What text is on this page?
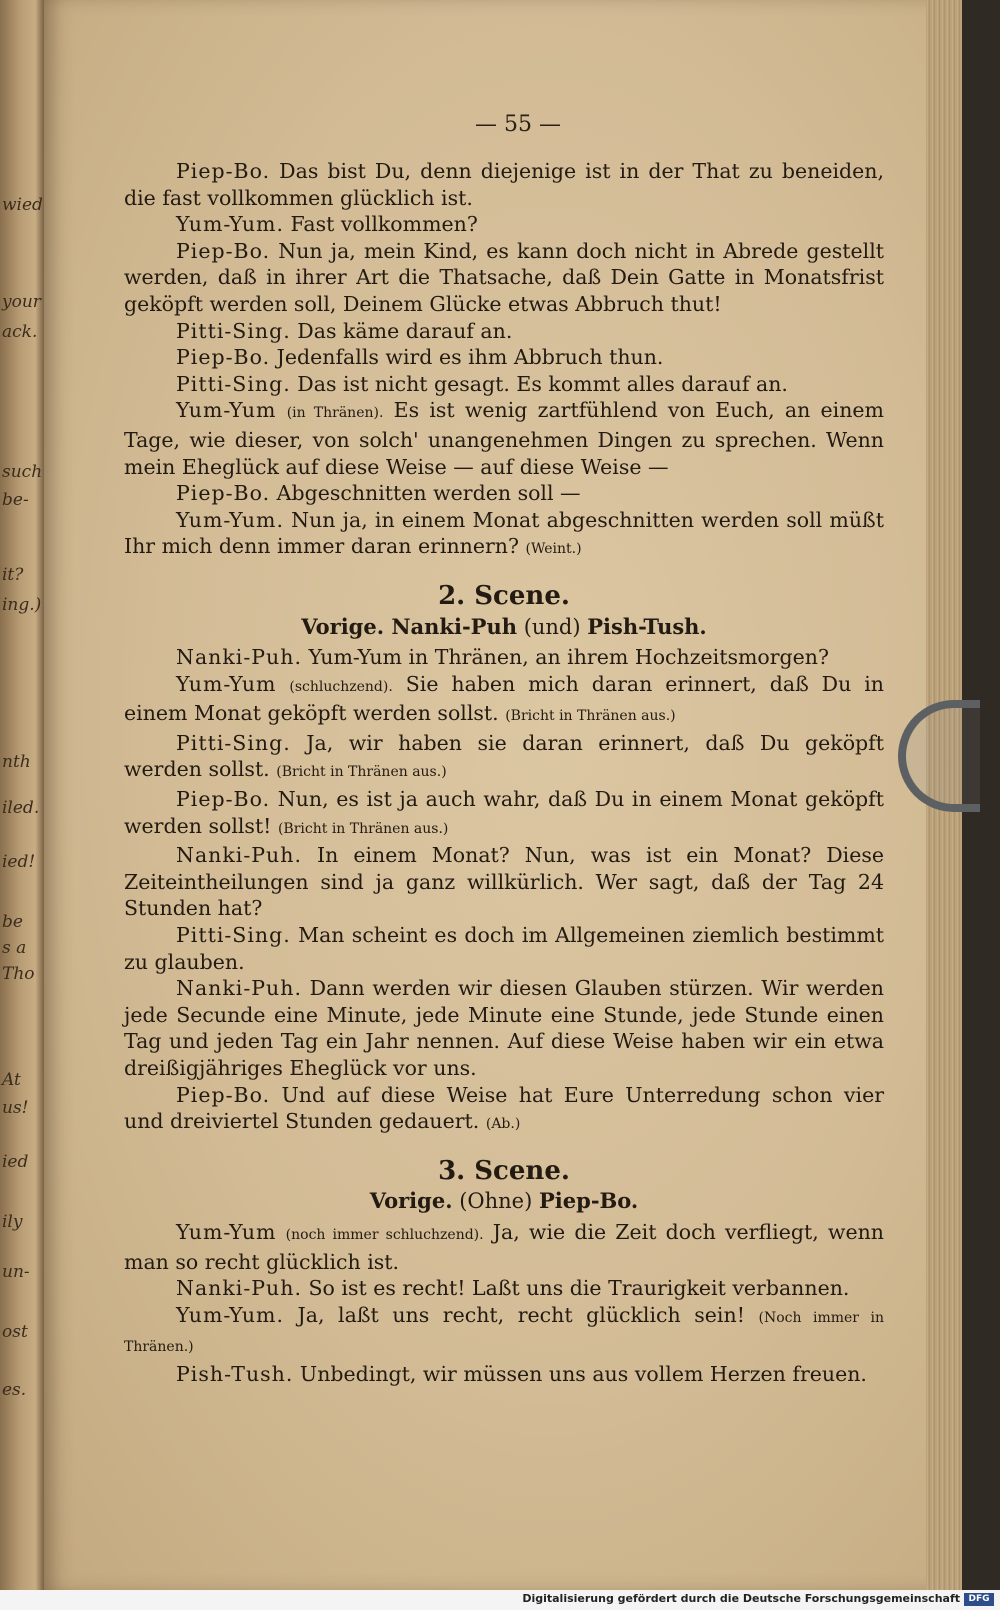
wied
your
ack.
such
be-
it?
ing.)
nth
iled.
ied!
be
s a
Tho
At
us!
ied
ily
un-
ost
es.
— 55 —

Piep-Bo. Das bist Du, denn diejenige ist in der That zu beneiden, die fast vollkommen glücklich ist.

Yum-Yum. Fast vollkommen?

Piep-Bo. Nun ja, mein Kind, es kann doch nicht in Abrede gestellt werden, daß in ihrer Art die Thatsache, daß Dein Gatte in Monatsfrist geköpft werden soll, Deinem Glücke etwas Abbruch thut!

Pitti-Sing. Das käme darauf an.

Piep-Bo. Jedenfalls wird es ihm Abbruch thun.

Pitti-Sing. Das ist nicht gesagt. Es kommt alles darauf an.

Yum-Yum (in Thränen). Es ist wenig zartfühlend von Euch, an einem Tage, wie dieser, von solch' unangenehmen Dingen zu sprechen. Wenn mein Eheglück auf diese Weise — auf diese Weise —

Piep-Bo. Abgeschnitten werden soll —

Yum-Yum. Nun ja, in einem Monat abgeschnitten werden soll müßt Ihr mich denn immer daran erinnern? (Weint.)

2. Scene.
Vorige. Nanki-Puh (und) Pish-Tush.

Nanki-Puh. Yum-Yum in Thränen, an ihrem Hochzeitsmorgen?

Yum-Yum (schluchzend). Sie haben mich daran erinnert, daß Du in einem Monat geköpft werden sollst. (Bricht in Thränen aus.)

Pitti-Sing. Ja, wir haben sie daran erinnert, daß Du geköpft werden sollst. (Bricht in Thränen aus.)

Piep-Bo. Nun, es ist ja auch wahr, daß Du in einem Monat geköpft werden sollst! (Bricht in Thränen aus.)

Nanki-Puh. In einem Monat? Nun, was ist ein Monat? Diese Zeiteintheilungen sind ja ganz willkürlich. Wer sagt, daß der Tag 24 Stunden hat?

Pitti-Sing. Man scheint es doch im Allgemeinen ziemlich bestimmt zu glauben.

Nanki-Puh. Dann werden wir diesen Glauben stürzen. Wir werden jede Secunde eine Minute, jede Minute eine Stunde, jede Stunde einen Tag und jeden Tag ein Jahr nennen. Auf diese Weise haben wir ein etwa dreißigjähriges Eheglück vor uns.

Piep-Bo. Und auf diese Weise hat Eure Unterredung schon vier und dreiviertel Stunden gedauert. (Ab.)

3. Scene.
Vorige. (Ohne) Piep-Bo.

Yum-Yum (noch immer schluchzend). Ja, wie die Zeit doch verfliegt, wenn man so recht glücklich ist.

Nanki-Puh. So ist es recht! Laßt uns die Traurigkeit verbannen.

Yum-Yum. Ja, laßt uns recht, recht glücklich sein! (Noch immer in Thränen.)

Pish-Tush. Unbedingt, wir müssen uns aus vollem Herzen freuen.

Digitalisierung gefördert durch die Deutsche Forschungsgemeinschaft DFG
